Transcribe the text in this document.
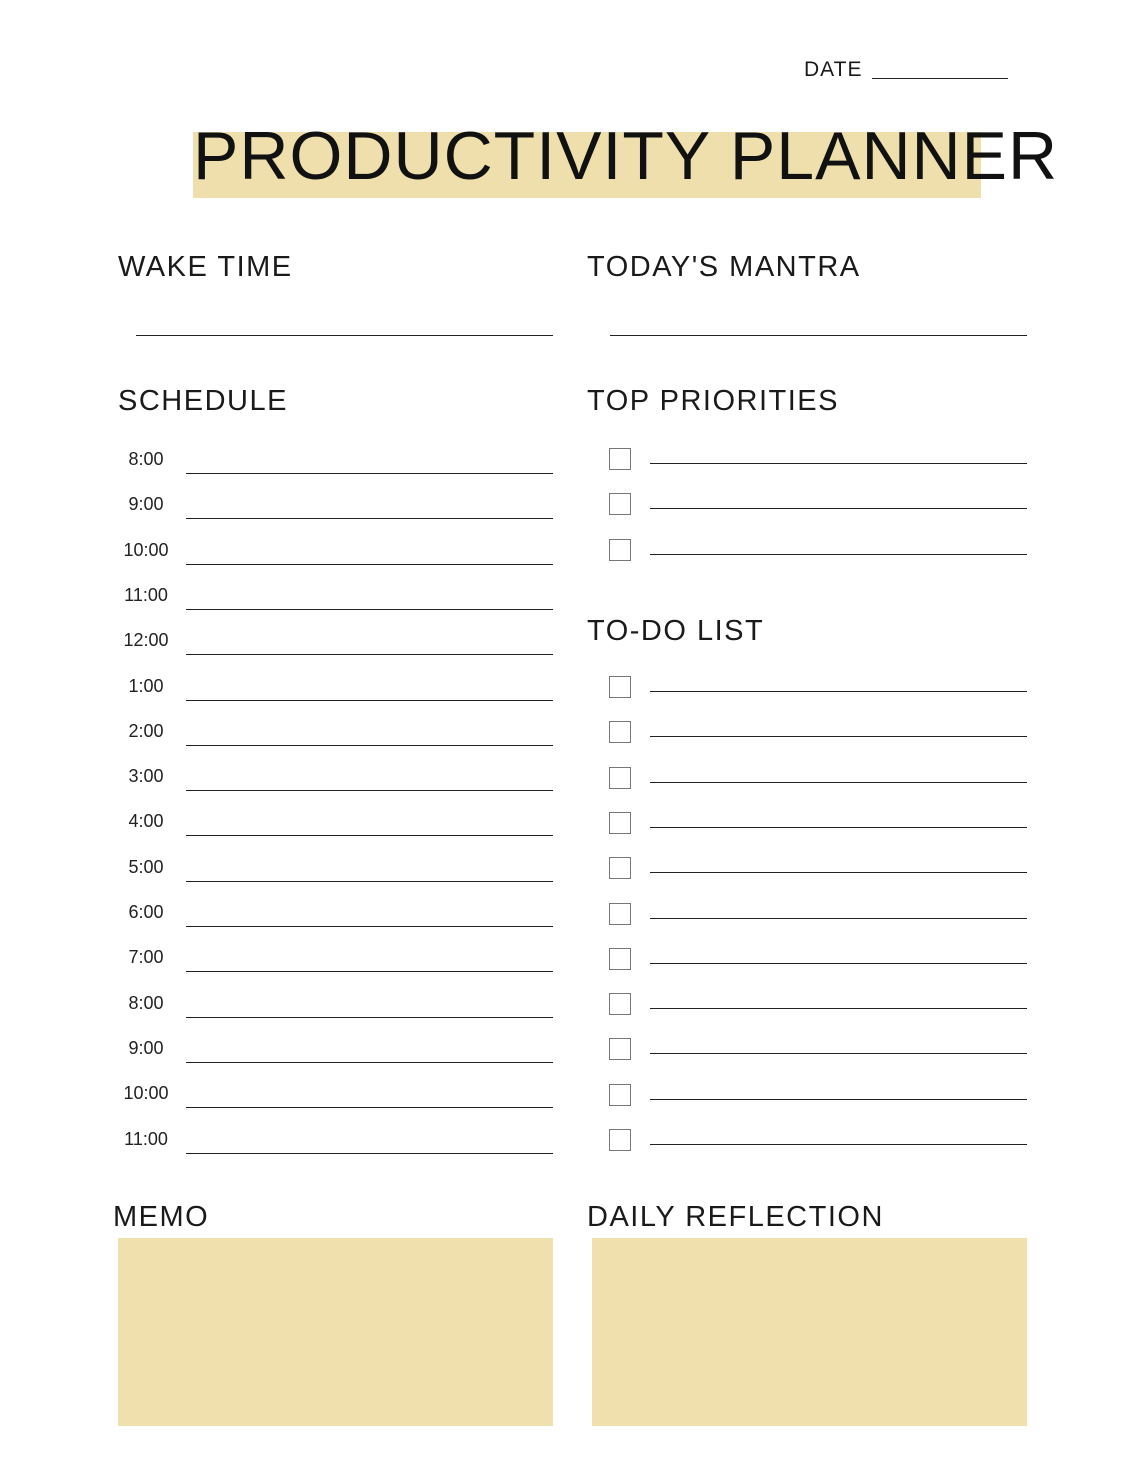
DATE
PRODUCTIVITY PLANNER
WAKE TIME	TODAY'S MANTRA
SCHEDULE
8:00
9:00
10:00
11:00
12:00
1:00
2:00
3:00
4:00
5:00
6:00
7:00
8:00
9:00
10:00
11:00
TOP PRIORITIES
TO-DO LIST
MEMO	DAILY REFLECTION
